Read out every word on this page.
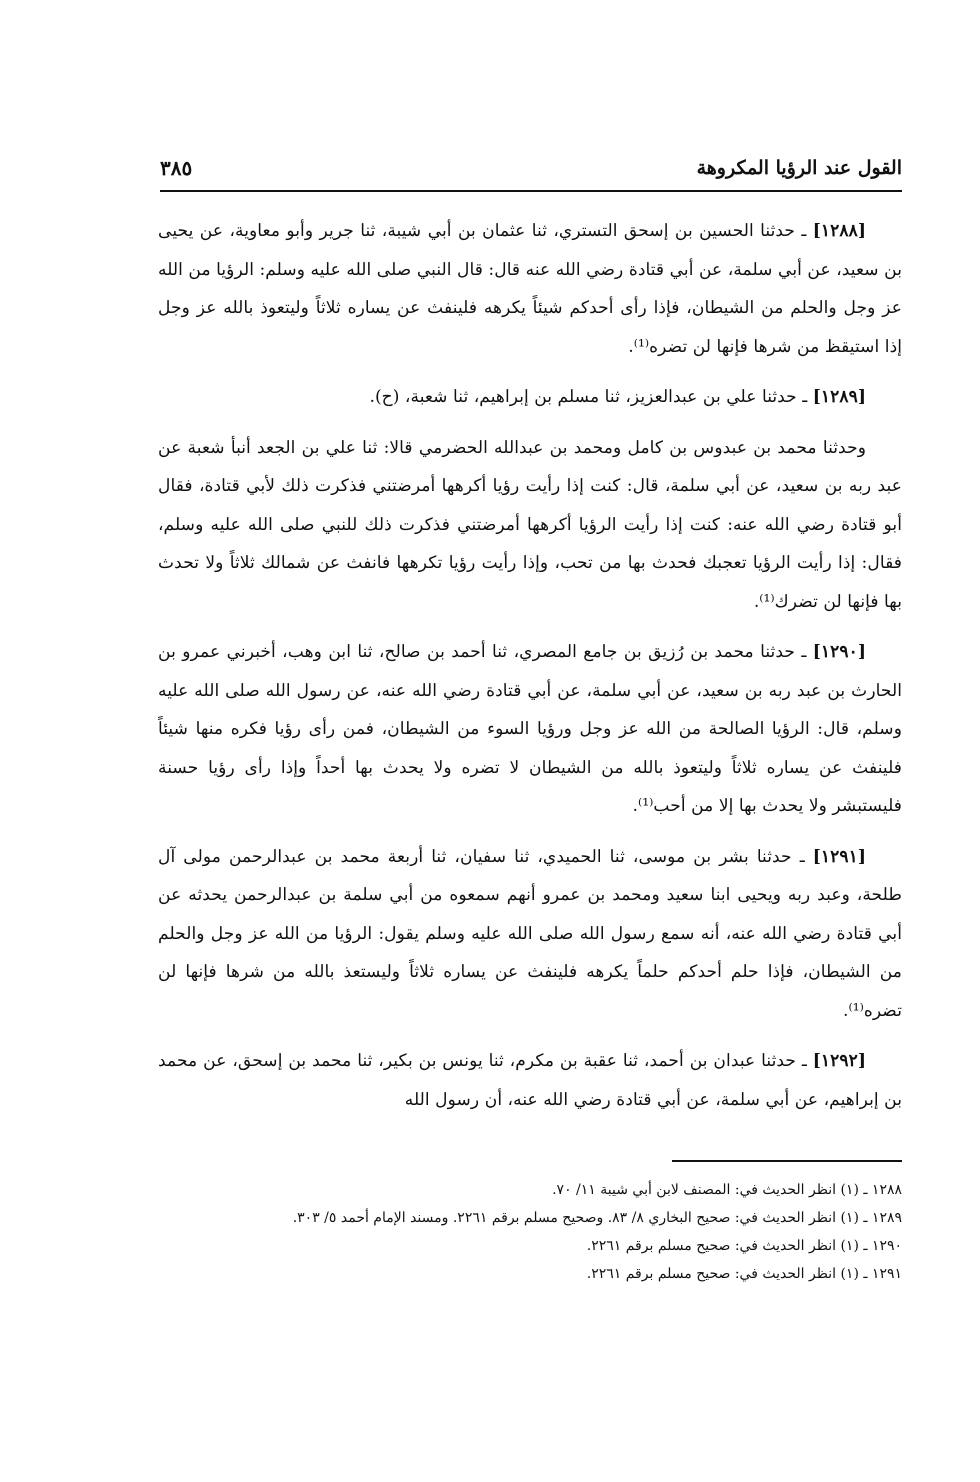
القول عند الرؤيا المكروهة
٣٨٥

[١٢٨٨] ـ حدثنا الحسين بن إسحق التستري، ثنا عثمان بن أبي شيبة، ثنا جرير وأبو معاوية، عن يحيى بن سعيد، عن أبي سلمة، عن أبي قتادة رضي الله عنه قال: قال النبي صلى الله عليه وسلم: الرؤيا من الله عز وجل والحلم من الشيطان، فإذا رأى أحدكم شيئاً يكرهه فلينفث عن يساره ثلاثاً وليتعوذ بالله عز وجل إذا استيقظ من شرها فإنها لن تضره⁽¹⁾.

[١٢٨٩] ـ حدثنا علي بن عبدالعزيز، ثنا مسلم بن إبراهيم، ثنا شعبة، (ح).

وحدثنا محمد بن عبدوس بن كامل ومحمد بن عبدالله الحضرمي قالا: ثنا علي بن الجعد أنبأ شعبة عن عبد ربه بن سعيد، عن أبي سلمة، قال: كنت إذا رأيت رؤيا أكرهها أمرضتني فذكرت ذلك لأبي قتادة، فقال أبو قتادة رضي الله عنه: كنت إذا رأيت الرؤيا أكرهها أمرضتني فذكرت ذلك للنبي صلى الله عليه وسلم، فقال: إذا رأيت الرؤيا تعجبك فحدث بها من تحب، وإذا رأيت رؤيا تكرهها فانفث عن شمالك ثلاثاً ولا تحدث بها فإنها لن تضرك⁽¹⁾.

[١٢٩٠] ـ حدثنا محمد بن رُزيق بن جامع المصري، ثنا أحمد بن صالح، ثنا ابن وهب، أخبرني عمرو بن الحارث بن عبد ربه بن سعيد، عن أبي سلمة، عن أبي قتادة رضي الله عنه، عن رسول الله صلى الله عليه وسلم، قال: الرؤيا الصالحة من الله عز وجل ورؤيا السوء من الشيطان، فمن رأى رؤيا فكره منها شيئاً فلينفث عن يساره ثلاثاً وليتعوذ بالله من الشيطان لا تضره ولا يحدث بها أحداً وإذا رأى رؤيا حسنة فليستبشر ولا يحدث بها إلا من أحب⁽¹⁾.

[١٢٩١] ـ حدثنا بشر بن موسى، ثنا الحميدي، ثنا سفيان، ثنا أربعة محمد بن عبدالرحمن مولى آل طلحة، وعبد ربه ويحيى ابنا سعيد ومحمد بن عمرو أنهم سمعوه من أبي سلمة بن عبدالرحمن يحدثه عن أبي قتادة رضي الله عنه، أنه سمع رسول الله صلى الله عليه وسلم يقول: الرؤيا من الله عز وجل والحلم من الشيطان، فإذا حلم أحدكم حلماً يكرهه فلينفث عن يساره ثلاثاً وليستعذ بالله من شرها فإنها لن تضره⁽¹⁾.

[١٢٩٢] ـ حدثنا عبدان بن أحمد، ثنا عقبة بن مكرم، ثنا يونس بن بكير، ثنا محمد بن إسحق، عن محمد بن إبراهيم، عن أبي سلمة، عن أبي قتادة رضي الله عنه، أن رسول الله

١٢٨٨ ـ (١) انظر الحديث في: المصنف لابن أبي شيبة ١١/ ٧٠.

١٢٨٩ ـ (١) انظر الحديث في: صحيح البخاري ٨/ ٨٣. وصحيح مسلم برقم ٢٢٦١. ومسند الإمام أحمد ٥/ ٣٠٣.

١٢٩٠ ـ (١) انظر الحديث في: صحيح مسلم برقم ٢٢٦١.

١٢٩١ ـ (١) انظر الحديث في: صحيح مسلم برقم ٢٢٦١.
